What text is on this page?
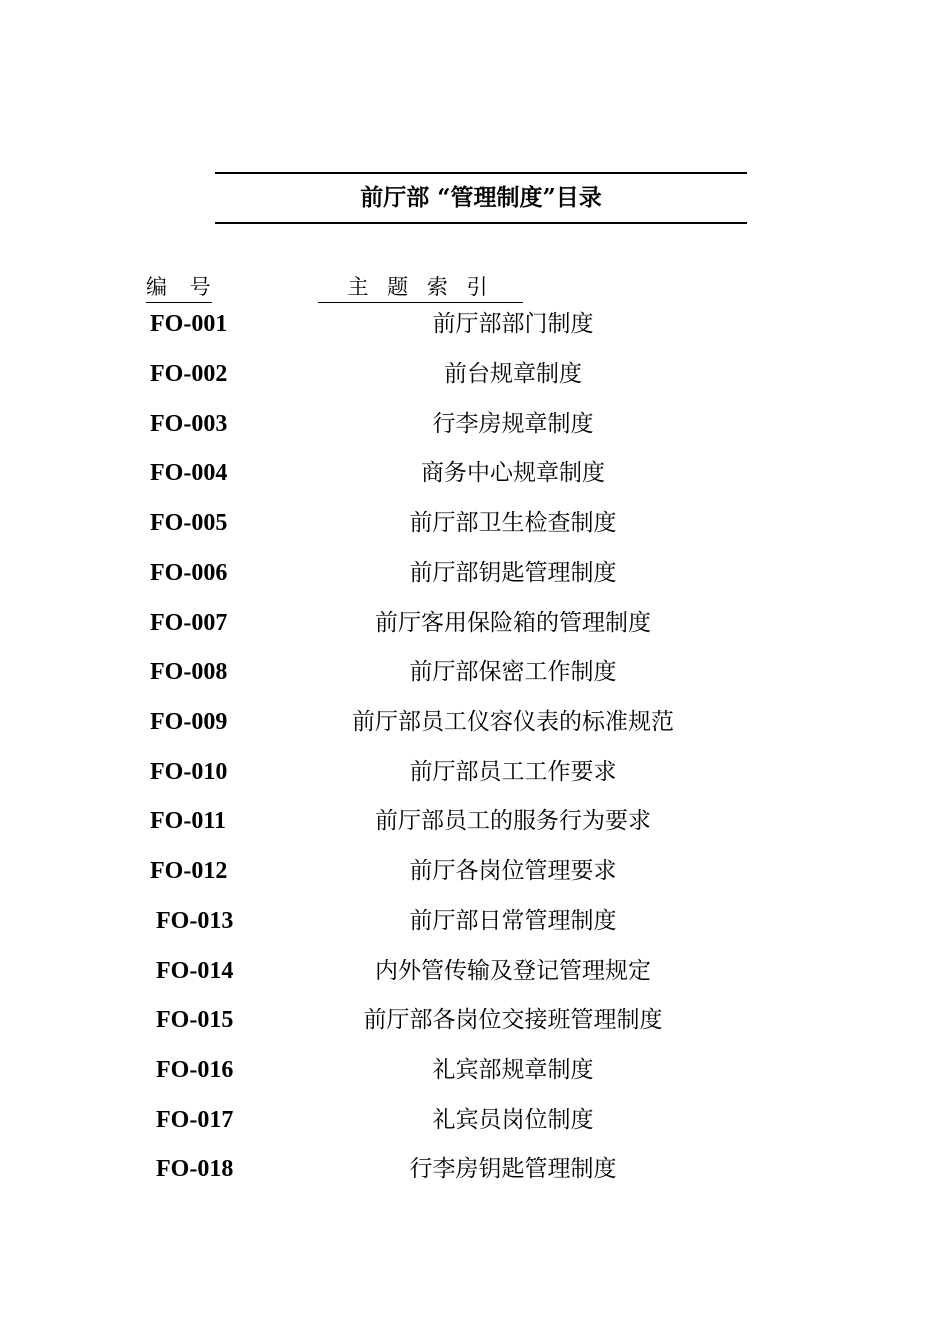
前厅部 “管理制度”目录
编 号	主 题 索 引
FO-001	前厅部部门制度
FO-002	前台规章制度
FO-003	行李房规章制度
FO-004	商务中心规章制度
FO-005	前厅部卫生检查制度
FO-006	前厅部钥匙管理制度
FO-007	前厅客用保险箱的管理制度
FO-008	前厅部保密工作制度
FO-009	前厅部员工仪容仪表的标准规范
FO-010	前厅部员工工作要求
FO-011	前厅部员工的服务行为要求
FO-012	前厅各岗位管理要求
FO-013	前厅部日常管理制度
FO-014	内外管传输及登记管理规定
FO-015	前厅部各岗位交接班管理制度
FO-016	礼宾部规章制度
FO-017	礼宾员岗位制度
FO-018	行李房钥匙管理制度
